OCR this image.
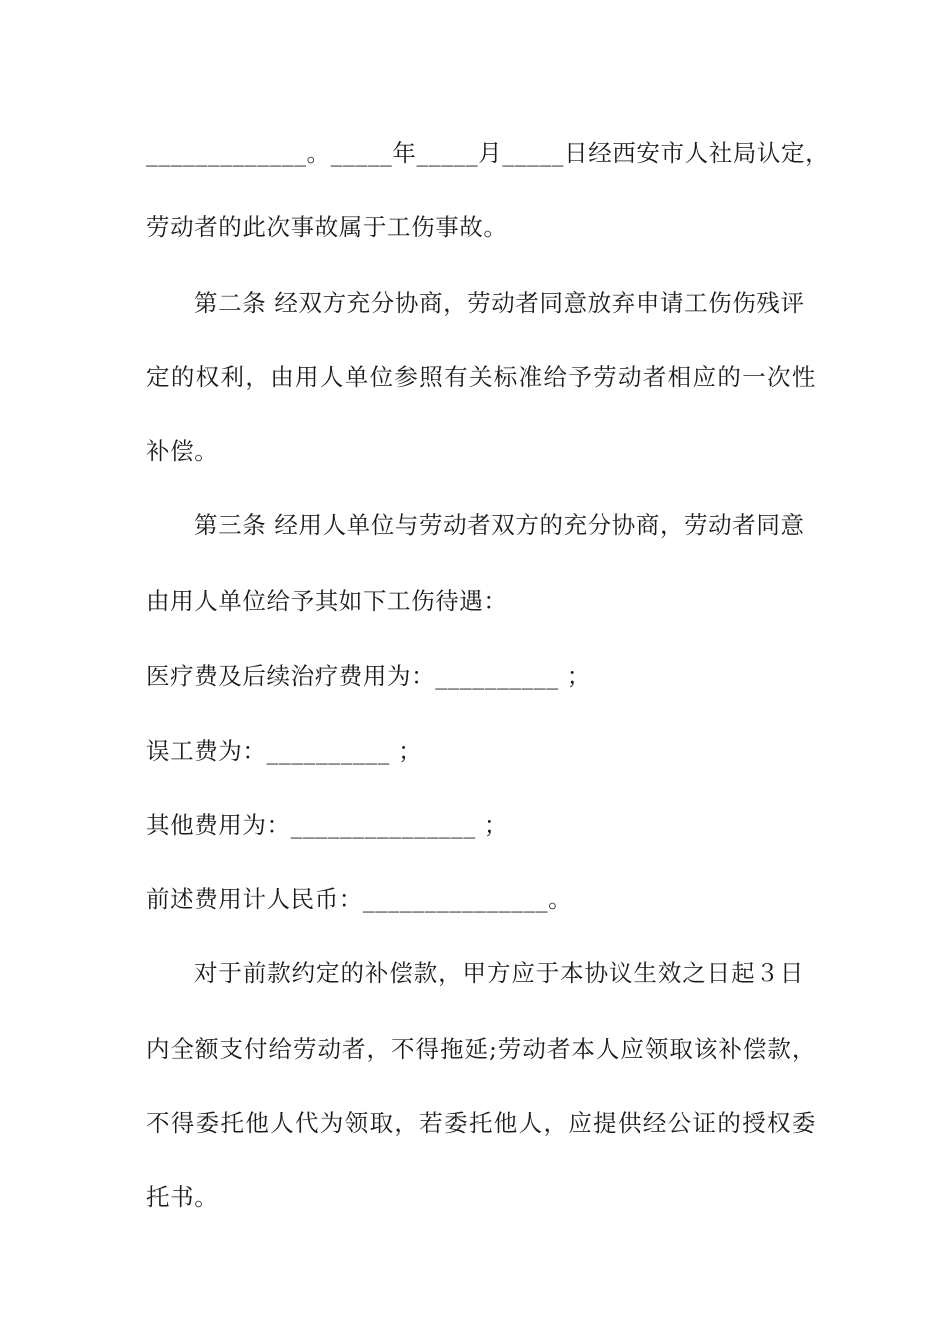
_____________。_____年_____月_____日经西安市人社局认定，
劳动者的此次事故属于工伤事故。
第二条 经双方充分协商，劳动者同意放弃申请工伤伤残评
定的权利，由用人单位参照有关标准给予劳动者相应的一次性
补偿。
第三条 经用人单位与劳动者双方的充分协商，劳动者同意
由用人单位给予其如下工伤待遇：
医疗费及后续治疗费用为：__________ ；
误工费为：__________ ；
其他费用为：_______________ ；
前述费用计人民币：_______________。
对于前款约定的补偿款，甲方应于本协议生效之日起３日
内全额支付给劳动者，不得拖延;劳动者本人应领取该补偿款，
不得委托他人代为领取，若委托他人，应提供经公证的授权委
托书。
